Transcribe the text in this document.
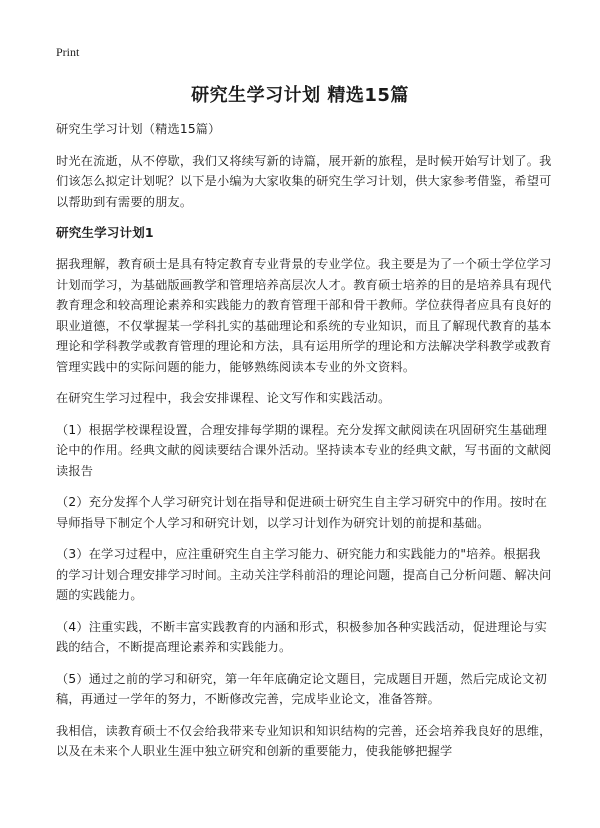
Print
研究生学习计划 精选15篇

研究生学习计划（精选15篇）

时光在流逝，从不停歇，我们又将续写新的诗篇，展开新的旅程，是时候开始写计划了。我们该怎么拟定计划呢？以下是小编为大家收集的研究生学习计划，供大家参考借鉴，希望可以帮助到有需要的朋友。

研究生学习计划1

据我理解，教育硕士是具有特定教育专业背景的专业学位。我主要是为了一个硕士学位学习计划而学习，为基础版画教学和管理培养高层次人才。教育硕士培养的目的是培养具有现代教育理念和较高理论素养和实践能力的教育管理干部和骨干教师。学位获得者应具有良好的职业道德，不仅掌握某一学科扎实的基础理论和系统的专业知识，而且了解现代教育的基本理论和学科教学或教育管理的理论和方法，具有运用所学的理论和方法解决学科教学或教育管理实践中的实际问题的能力，能够熟练阅读本专业的外文资料。

在研究生学习过程中，我会安排课程、论文写作和实践活动。

（1）根据学校课程设置，合理安排每学期的课程。充分发挥文献阅读在巩固研究生基础理论中的作用。经典文献的阅读要结合课外活动。坚持读本专业的经典文献，写书面的文献阅读报告

（2）充分发挥个人学习研究计划在指导和促进硕士研究生自主学习研究中的作用。按时在导师指导下制定个人学习和研究计划，以学习计划作为研究计划的前提和基础。

（3）在学习过程中，应注重研究生自主学习能力、研究能力和实践能力的"培养。根据我的学习计划合理安排学习时间。主动关注学科前沿的理论问题，提高自己分析问题、解决问题的实践能力。

（4）注重实践，不断丰富实践教育的内涵和形式，积极参加各种实践活动，促进理论与实践的结合，不断提高理论素养和实践能力。

（5）通过之前的学习和研究，第一年年底确定论文题目，完成题目开题，然后完成论文初稿，再通过一学年的努力，不断修改完善，完成毕业论文，准备答辩。

我相信，读教育硕士不仅会给我带来专业知识和知识结构的完善，还会培养我良好的思维，以及在未来个人职业生涯中独立研究和创新的重要能力，使我能够把握学
